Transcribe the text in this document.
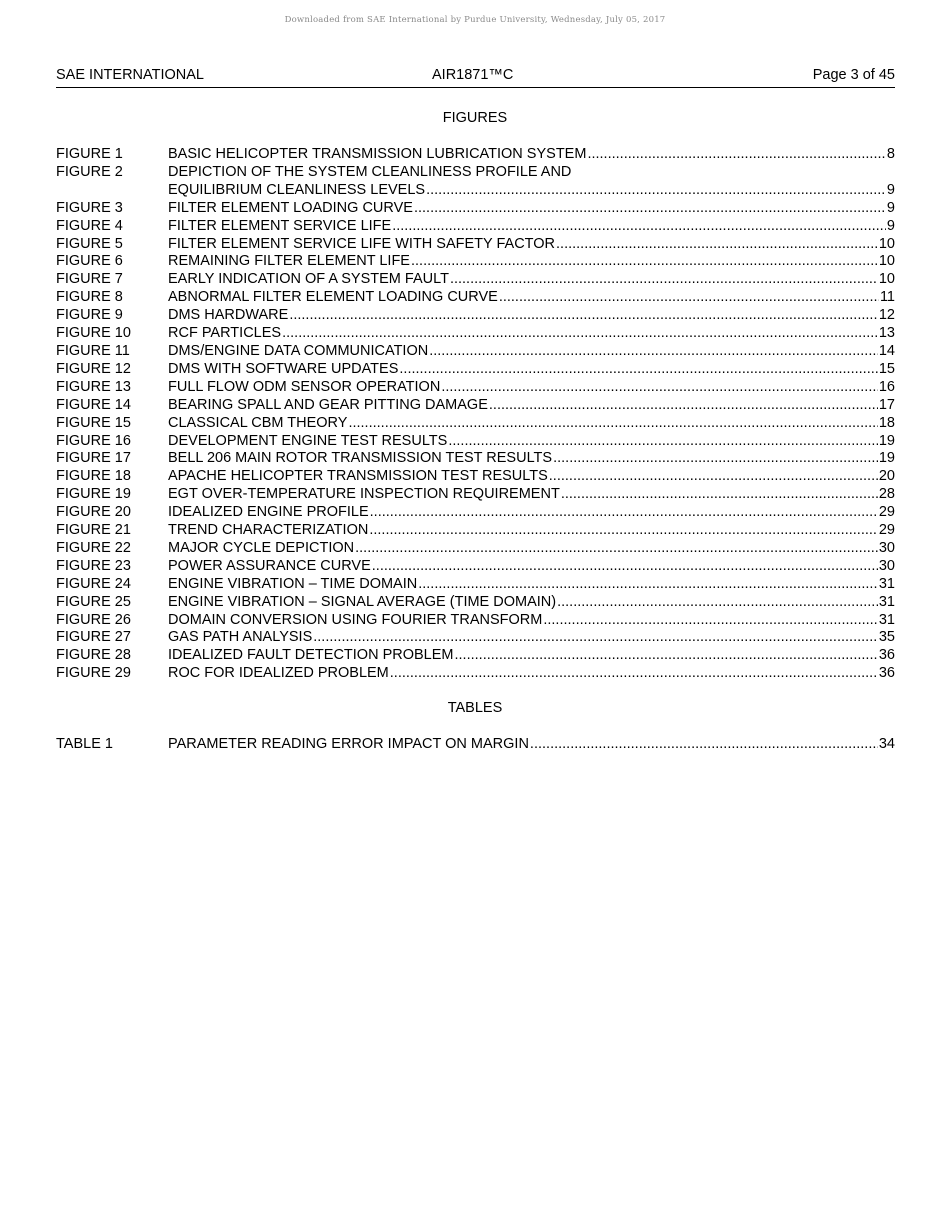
Downloaded from SAE International by Purdue University, Wednesday, July 05, 2017
SAE INTERNATIONAL	AIR1871™C	Page 3 of 45
FIGURES
FIGURE 1	BASIC HELICOPTER TRANSMISSION LUBRICATION SYSTEM .....	8
FIGURE 2	DEPICTION OF THE SYSTEM CLEANLINESS PROFILE AND
EQUILIBRIUM CLEANLINESS LEVELS .....	9
FIGURE 3	FILTER ELEMENT LOADING CURVE .....	9
FIGURE 4	FILTER ELEMENT SERVICE LIFE .....	9
FIGURE 5	FILTER ELEMENT SERVICE LIFE WITH SAFETY FACTOR .....	10
FIGURE 6	REMAINING FILTER ELEMENT LIFE .....	10
FIGURE 7	EARLY INDICATION OF A SYSTEM FAULT .....	10
FIGURE 8	ABNORMAL FILTER ELEMENT LOADING CURVE .....	11
FIGURE 9	DMS HARDWARE .....	12
FIGURE 10	RCF PARTICLES .....	13
FIGURE 11	DMS/ENGINE DATA COMMUNICATION .....	14
FIGURE 12	DMS WITH SOFTWARE UPDATES .....	15
FIGURE 13	FULL FLOW ODM SENSOR OPERATION .....	16
FIGURE 14	BEARING SPALL AND GEAR PITTING DAMAGE .....	17
FIGURE 15	CLASSICAL CBM THEORY .....	18
FIGURE 16	DEVELOPMENT ENGINE TEST RESULTS .....	19
FIGURE 17	BELL 206 MAIN ROTOR TRANSMISSION TEST RESULTS .....	19
FIGURE 18	APACHE HELICOPTER TRANSMISSION TEST RESULTS .....	20
FIGURE 19	EGT OVER-TEMPERATURE INSPECTION REQUIREMENT .....	28
FIGURE 20	IDEALIZED ENGINE PROFILE .....	29
FIGURE 21	TREND CHARACTERIZATION .....	29
FIGURE 22	MAJOR CYCLE DEPICTION .....	30
FIGURE 23	POWER ASSURANCE CURVE .....	30
FIGURE 24	ENGINE VIBRATION – TIME DOMAIN .....	31
FIGURE 25	ENGINE VIBRATION – SIGNAL AVERAGE (TIME DOMAIN) .....	31
FIGURE 26	DOMAIN CONVERSION USING FOURIER TRANSFORM .....	31
FIGURE 27	GAS PATH ANALYSIS .....	35
FIGURE 28	IDEALIZED FAULT DETECTION PROBLEM .....	36
FIGURE 29	ROC FOR IDEALIZED PROBLEM .....	36
TABLES
TABLE 1	PARAMETER READING ERROR IMPACT ON MARGIN .....	34
